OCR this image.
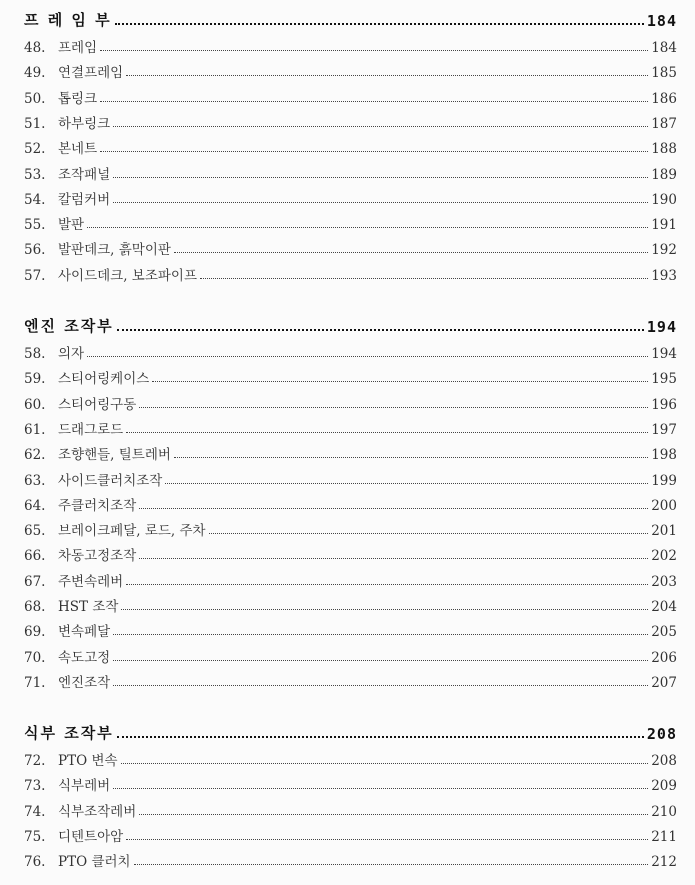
프 레 임 부	184
48. 프레임	184
49. 연결프레임	185
50. 톱링크	186
51. 하부링크	187
52. 본네트	188
53. 조작패널	189
54. 칼럼커버	190
55. 발판	191
56. 발판데크, 흙막이판	192
57. 사이드데크, 보조파이프	193
엔진 조작부	194
58. 의자	194
59. 스티어링케이스	195
60. 스티어링구동	196
61. 드래그로드	197
62. 조향핸들, 틸트레버	198
63. 사이드클러치조작	199
64. 주클러치조작	200
65. 브레이크페달, 로드, 주차	201
66. 차동고정조작	202
67. 주변속레버	203
68. HST 조작	204
69. 변속페달	205
70. 속도고정	206
71. 엔진조작	207
식부 조작부	208
72. PTO 변속	208
73. 식부레버	209
74. 식부조작레버	210
75. 디텐트아암	211
76. PTO 클러치	212
